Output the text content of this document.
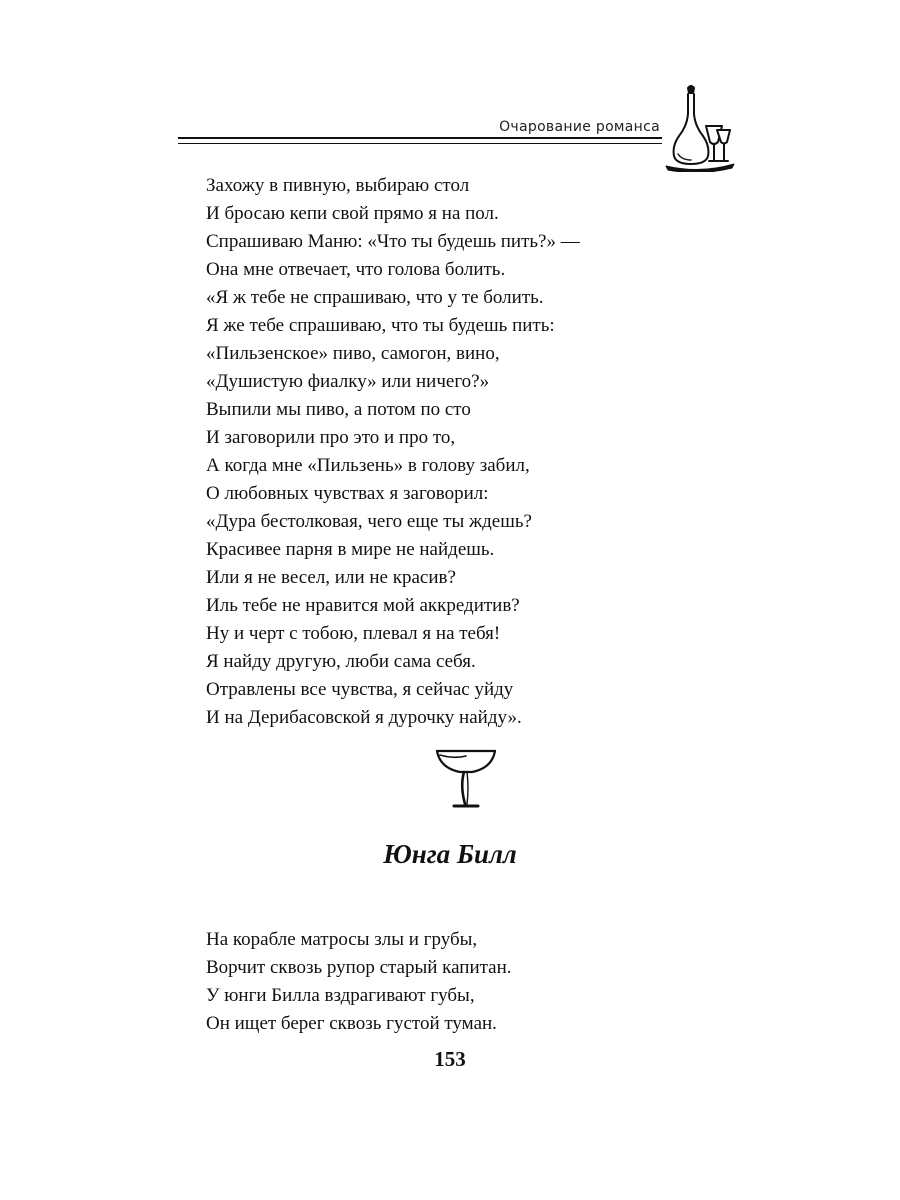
Очарование романса
Захожу в пивную, выбираю стол
И бросаю кепи свой прямо я на пол.
Спрашиваю Маню: «Что ты будешь пить?» —
Она мне отвечает, что голова болить.
«Я ж тебе не спрашиваю, что у те болить.
Я же тебе спрашиваю, что ты будешь пить:
«Пильзенское» пиво, самогон, вино,
«Душистую фиалку» или ничего?»
Выпили мы пиво, а потом по сто
И заговорили про это и про то,
А когда мне «Пильзень» в голову забил,
О любовных чувствах я заговорил:
«Дура бестолковая, чего еще ты ждешь?
Красивее парня в мире не найдешь.
Или я не весел, или не красив?
Иль тебе не нравится мой аккредитив?
Ну и черт с тобою, плевал я на тебя!
Я найду другую, люби сама себя.
Отравлены все чувства, я сейчас уйду
И на Дерибасовской я дурочку найду».
Юнга Билл
На корабле матросы злы и грубы,
Ворчит сквозь рупор старый капитан.
У юнги Билла вздрагивают губы,
Он ищет берег сквозь густой туман.
153
